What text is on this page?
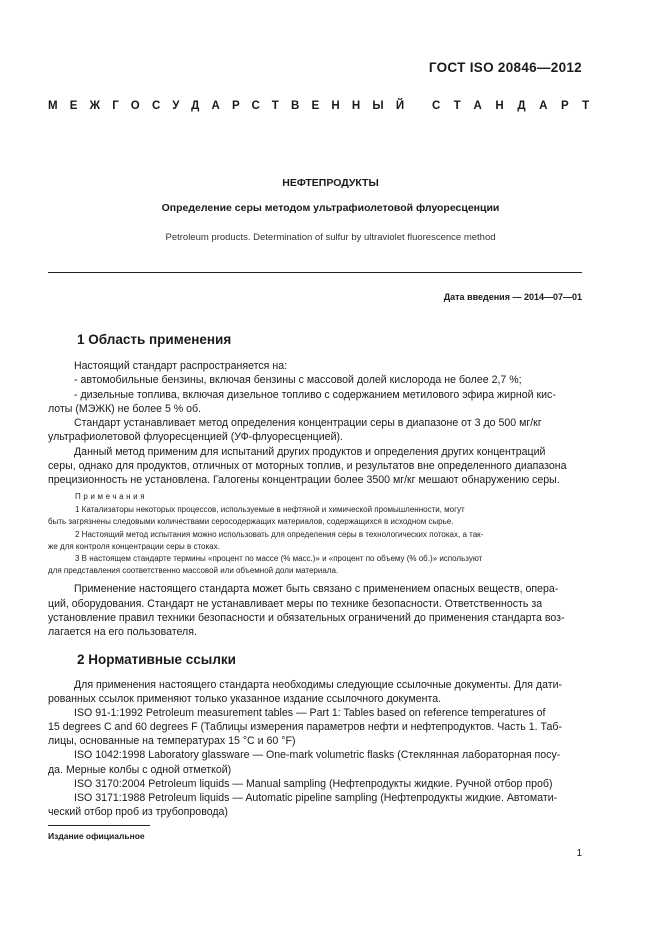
ГОСТ ISO 20846—2012
МЕЖГОСУДАРСТВЕННЫЙ СТАНДАРТ
НЕФТЕПРОДУКТЫ
Определение серы методом ультрафиолетовой флуоресценции
Petroleum products. Determination of sulfur by ultraviolet fluorescence method
Дата введения — 2014—07—01
1 Область применения

Настоящий стандарт распространяется на:

- автомобильные бензины, включая бензины с массовой долей кислорода не более 2,7 %;

- дизельные топлива, включая дизельное топливо с содержанием метилового эфира жирной кис-

лоты (МЭЖК) не более 5 % об.

Стандарт устанавливает метод определения концентрации серы в диапазоне от 3 до 500 мг/кг

ультрафиолетовой флуоресценцией (УФ-флуоресценцией).

Данный метод применим для испытаний других продуктов и определения других концентраций

серы, однако для продуктов, отличных от моторных топлив, и результатов вне определенного диапазона

прецизионность не установлена. Галогены концентрации более 3500 мг/кг мешают обнаружению серы.

Примечания

1 Катализаторы некоторых процессов, используемые в нефтяной и химической промышленности, могут

быть загрязнены следовыми количествами серосодержащих материалов, содержащихся в исходном сырье.

2 Настоящий метод испытания можно использовать для определения серы в технологических потоках, а так-

же для контроля концентрации серы в стоках.

3 В настоящем стандарте термины «процент по массе (% масс.)» и «процент по объему (% об.)» используют

для представления соответственно массовой или объемной доли материала.

Применение настоящего стандарта может быть связано с применением опасных веществ, опера-

ций, оборудования. Стандарт не устанавливает меры по технике безопасности. Ответственность за

установление правил техники безопасности и обязательных ограничений до применения стандарта воз-

лагается на его пользователя.

2 Нормативные ссылки

Для применения настоящего стандарта необходимы следующие ссылочные документы. Для дати-

рованных ссылок применяют только указанное издание ссылочного документа.

ISO 91-1:1992 Petroleum measurement tables — Part 1: Tables based on reference temperatures of

15 degrees C and 60 degrees F (Таблицы измерения параметров нефти и нефтепродуктов. Часть 1. Таб-

лицы, основанные на температурах 15 °C и 60 °F)

ISO 1042:1998 Laboratory glassware — One-mark volumetric flasks (Стеклянная лабораторная посу-

да. Мерные колбы с одной отметкой)

ISO 3170:2004 Petroleum liquids — Manual sampling (Нефтепродукты жидкие. Ручной отбор проб)

ISO 3171:1988 Petroleum liquids — Automatic pipeline sampling (Нефтепродукты жидкие. Автомати-

ческий отбор проб из трубопровода)

Издание официальное
1
